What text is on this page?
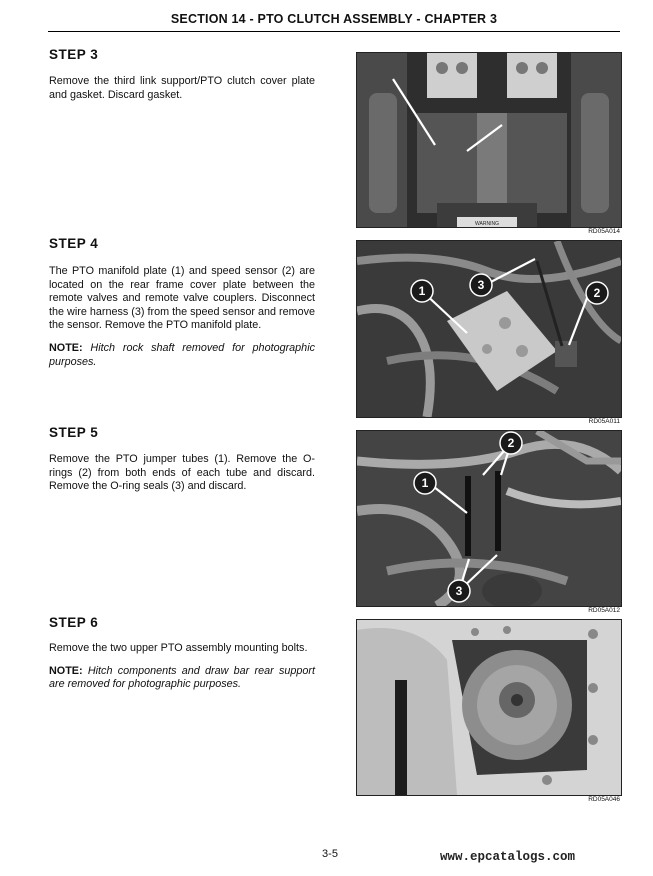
SECTION 14 - PTO CLUTCH ASSEMBLY - CHAPTER 3
STEP 3

Remove the third link support/PTO clutch cover plate and gasket. Discard gasket.

WARNING
RD05A014
STEP 4

The PTO manifold plate (1) and speed sensor (2) are located on the rear frame cover plate between the remote valves and remote valve couplers. Disconnect the wire harness (3) from the speed sensor and remove the sensor. Remove the PTO manifold plate.

NOTE: Hitch rock shaft removed for photographic purposes.

1	2
3
RD05A011
STEP 5

Remove the PTO jumper tubes (1). Remove the O-rings (2) from both ends of each tube and discard. Remove the O-ring seals (3) and discard.	1
2
3
RD05A012
STEP 6

Remove the two upper PTO assembly mounting bolts.

NOTE: Hitch components and draw bar rear support are removed for photographic purposes.

RD05A046
3-5	www.epcatalogs.com
